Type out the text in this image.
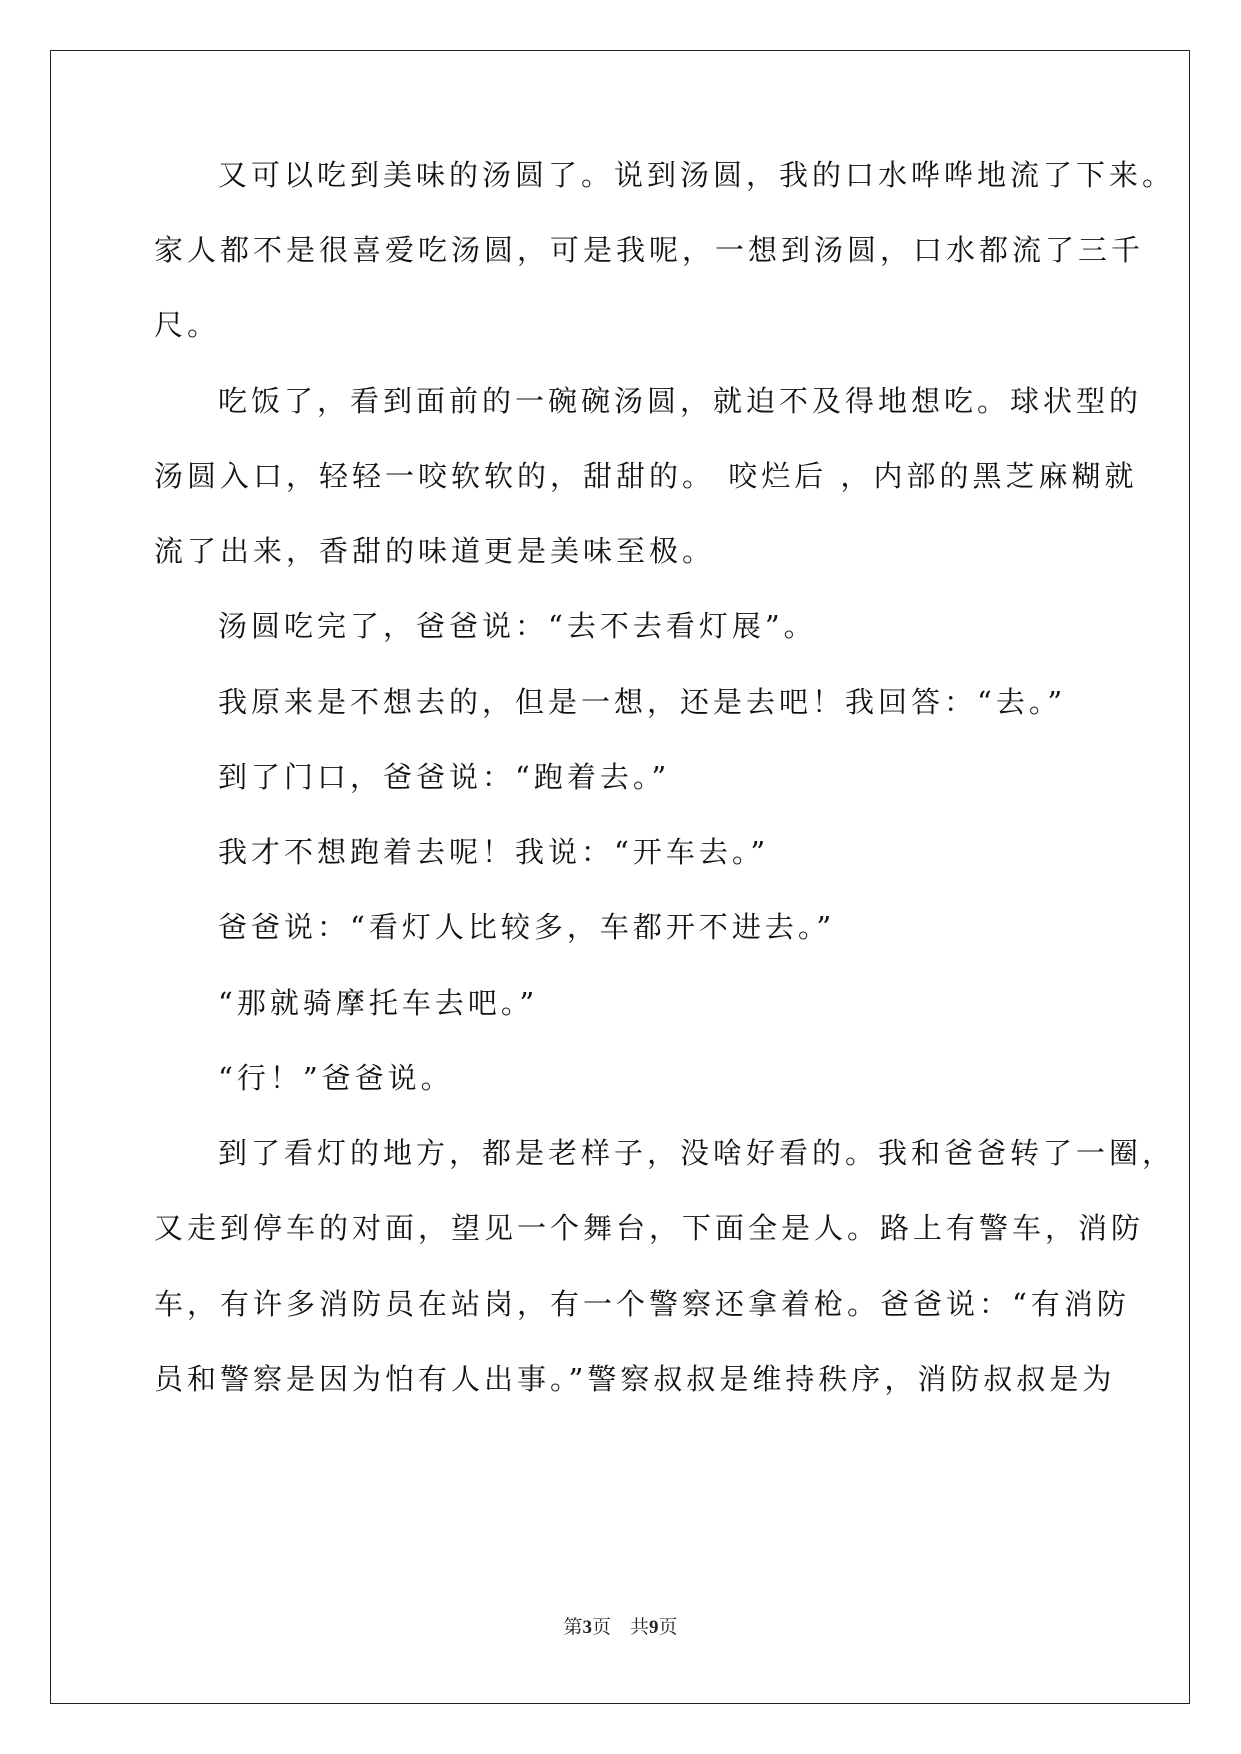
又可以吃到美味的汤圆了。说到汤圆，我的口水哗哗地流了下来。
家人都不是很喜爱吃汤圆，可是我呢，一想到汤圆，口水都流了三千
尺。
吃饭了，看到面前的一碗碗汤圆，就迫不及得地想吃。球状型的
汤圆入口，轻轻一咬软软的，甜甜的。 咬烂后 ，内部的黑芝麻糊就
流了出来，香甜的味道更是美味至极。
汤圆吃完了，爸爸说：“去不去看灯展”。
我原来是不想去的，但是一想，还是去吧！我回答：“去。”
到了门口，爸爸说：“跑着去。”
我才不想跑着去呢！我说：“开车去。”
爸爸说：“看灯人比较多，车都开不进去。”
“那就骑摩托车去吧。”
“行！”爸爸说。
到了看灯的地方，都是老样子，没啥好看的。我和爸爸转了一圈，
又走到停车的对面，望见一个舞台，下面全是人。路上有警车，消防
车，有许多消防员在站岗，有一个警察还拿着枪。爸爸说：“有消防
员和警察是因为怕有人出事。”警察叔叔是维持秩序，消防叔叔是为
第3页　共9页
